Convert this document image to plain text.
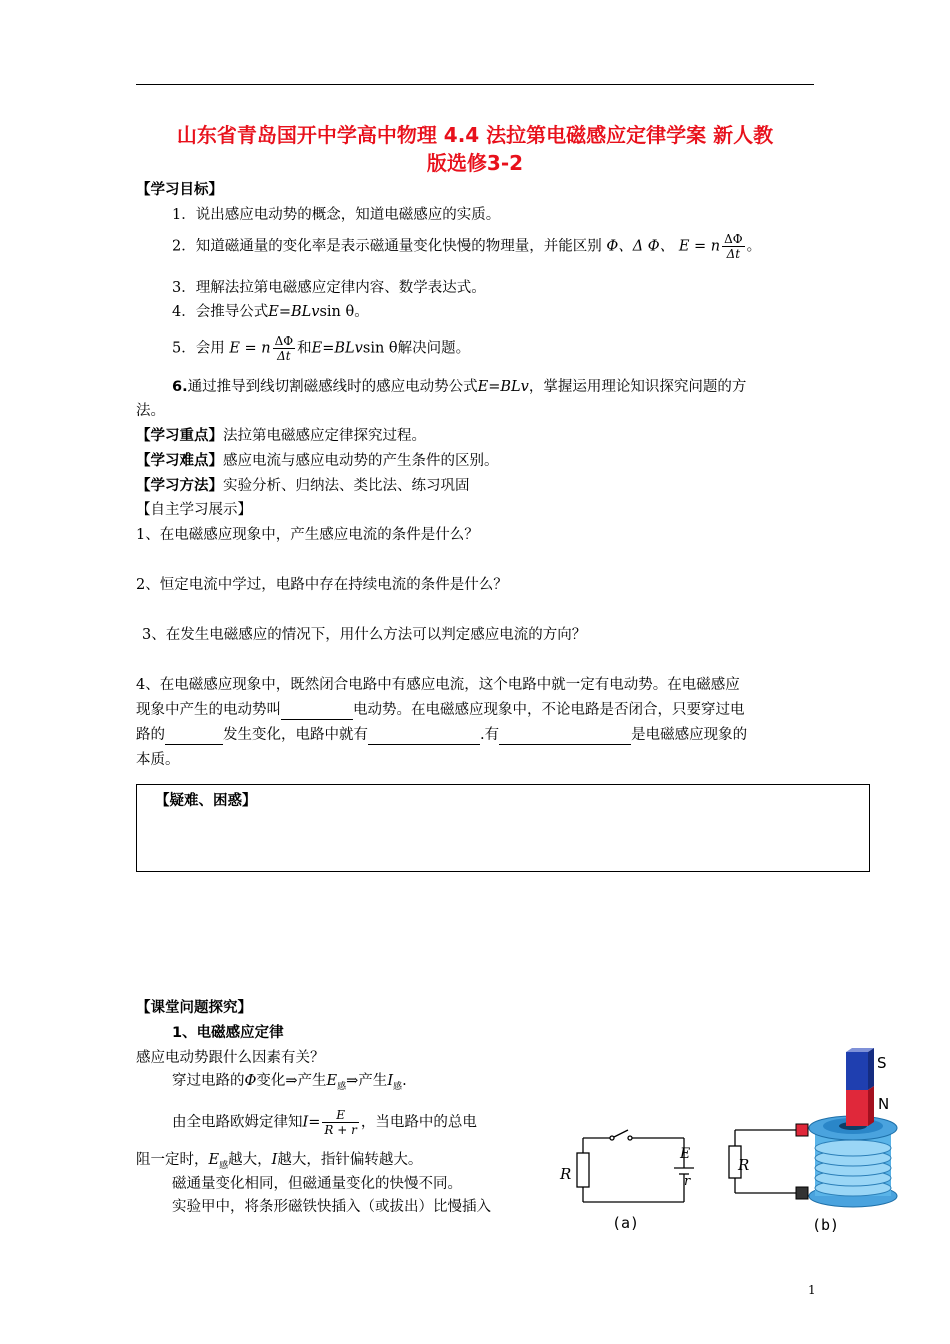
山东省青岛国开中学高中物理 4.4 法拉第电磁感应定律学案 新人教
版选修3-2
【学习目标】
1．说出感应电动势的概念，知道电磁感应的实质。
2．知道磁通量的变化率是表示磁通量变化快慢的物理量，并能区别 Φ、Δ Φ、 E = n $\frac{\Delta\Phi}{\Delta t}$ 。
3．理解法拉第电磁感应定律内容、数学表达式。
4．会推导公式E=BLvsin θ。
5．会用 E = n $\frac{\Delta\Phi}{\Delta t}$ 和E=BLvsin θ解决问题。
6.通过推导到线切割磁感线时的感应电动势公式E=BLv，掌握运用理论知识探究问题的方
法。
【学习重点】法拉第电磁感应定律探究过程。
【学习难点】感应电流与感应电动势的产生条件的区别。
【学习方法】实验分析、归纳法、类比法、练习巩固
【自主学习展示】
1、在电磁感应现象中，产生感应电流的条件是什么？
2、恒定电流中学过，电路中存在持续电流的条件是什么？
3、在发生电磁感应的情况下，用什么方法可以判定感应电流的方向？
4、在电磁感应现象中，既然闭合电路中有感应电流，这个电路中就一定有电动势。在电磁感应
现象中产生的电动势叫	电动势。在电磁感应现象中，不论电路是否闭合，只要穿过电
路的	发生变化，电路中就有	.有	是电磁感应现象的
本质。
【疑难、困惑】
【课堂问题探究】
1、电磁感应定律
感应电动势跟什么因素有关？
穿过电路的Φ变化⇒产生$E_感\Rightarrow$产生$I_感$.
由全电路欧姆定律知$I= \frac{E}{R + r}$ ，当电路中的总电
阻一定时，$E_感$越大，I越大，指针偏转越大。
磁通量变化相同，但磁通量变化的快慢不同。
实验甲中，将条形磁铁快插入（或拔出）比慢插入
R
E
r
(a)
R
S
N
(b)
1
